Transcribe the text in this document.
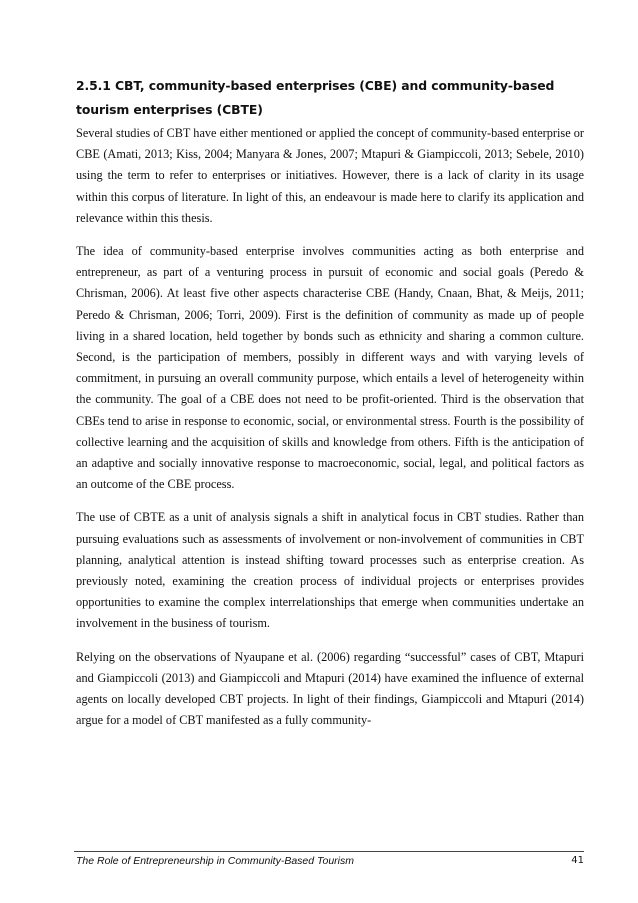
2.5.1 CBT, community-based enterprises (CBE) and community-based tourism enterprises (CBTE)

Several studies of CBT have either mentioned or applied the concept of community-based enterprise or CBE (Amati, 2013; Kiss, 2004; Manyara & Jones, 2007; Mtapuri & Giampiccoli, 2013; Sebele, 2010) using the term to refer to enterprises or initiatives. However, there is a lack of clarity in its usage within this corpus of literature. In light of this, an endeavour is made here to clarify its application and relevance within this thesis.

The idea of community-based enterprise involves communities acting as both enterprise and entrepreneur, as part of a venturing process in pursuit of economic and social goals (Peredo & Chrisman, 2006). At least five other aspects characterise CBE (Handy, Cnaan, Bhat, & Meijs, 2011; Peredo & Chrisman, 2006; Torri, 2009). First is the definition of community as made up of people living in a shared location, held together by bonds such as ethnicity and sharing a common culture. Second, is the participation of members, possibly in different ways and with varying levels of commitment, in pursuing an overall community purpose, which entails a level of heterogeneity within the community. The goal of a CBE does not need to be profit-oriented. Third is the observation that CBEs tend to arise in response to economic, social, or environmental stress. Fourth is the possibility of collective learning and the acquisition of skills and knowledge from others. Fifth is the anticipation of an adaptive and socially innovative response to macroeconomic, social, legal, and political factors as an outcome of the CBE process.

The use of CBTE as a unit of analysis signals a shift in analytical focus in CBT studies. Rather than pursuing evaluations such as assessments of involvement or non-involvement of communities in CBT planning, analytical attention is instead shifting toward processes such as enterprise creation. As previously noted, examining the creation process of individual projects or enterprises provides opportunities to examine the complex interrelationships that emerge when communities undertake an involvement in the business of tourism.

Relying on the observations of Nyaupane et al. (2006) regarding “successful” cases of CBT, Mtapuri and Giampiccoli (2013) and Giampiccoli and Mtapuri (2014) have examined the influence of external agents on locally developed CBT projects. In light of their findings, Giampiccoli and Mtapuri (2014) argue for a model of CBT manifested as a fully community-

The Role of Entrepreneurship in Community-Based Tourism	41
